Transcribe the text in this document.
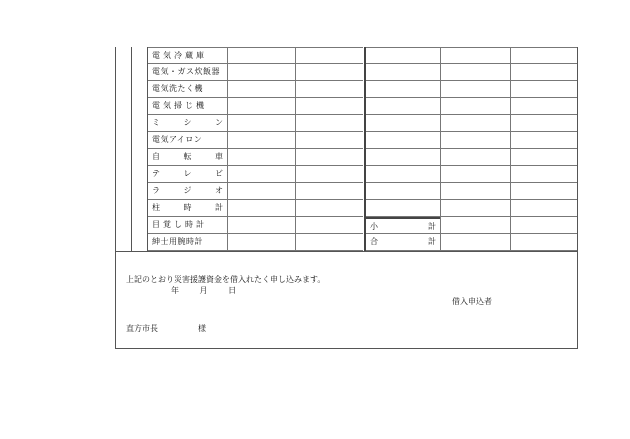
電気冷蔵庫
電気・ガス炊飯器
電気洗たく機
電気掃じ機
ミ	シ	ン
電気アイロン
自	転	車
テ	レ	ビ
ラ	ジ	オ
柱	時	計
目覚し時計
紳士用腕時計
小	計
合	計
上記のとおり災害援護資金を借入れたく申し込みます。
年	月	日
借入申込者
直方市長	様
